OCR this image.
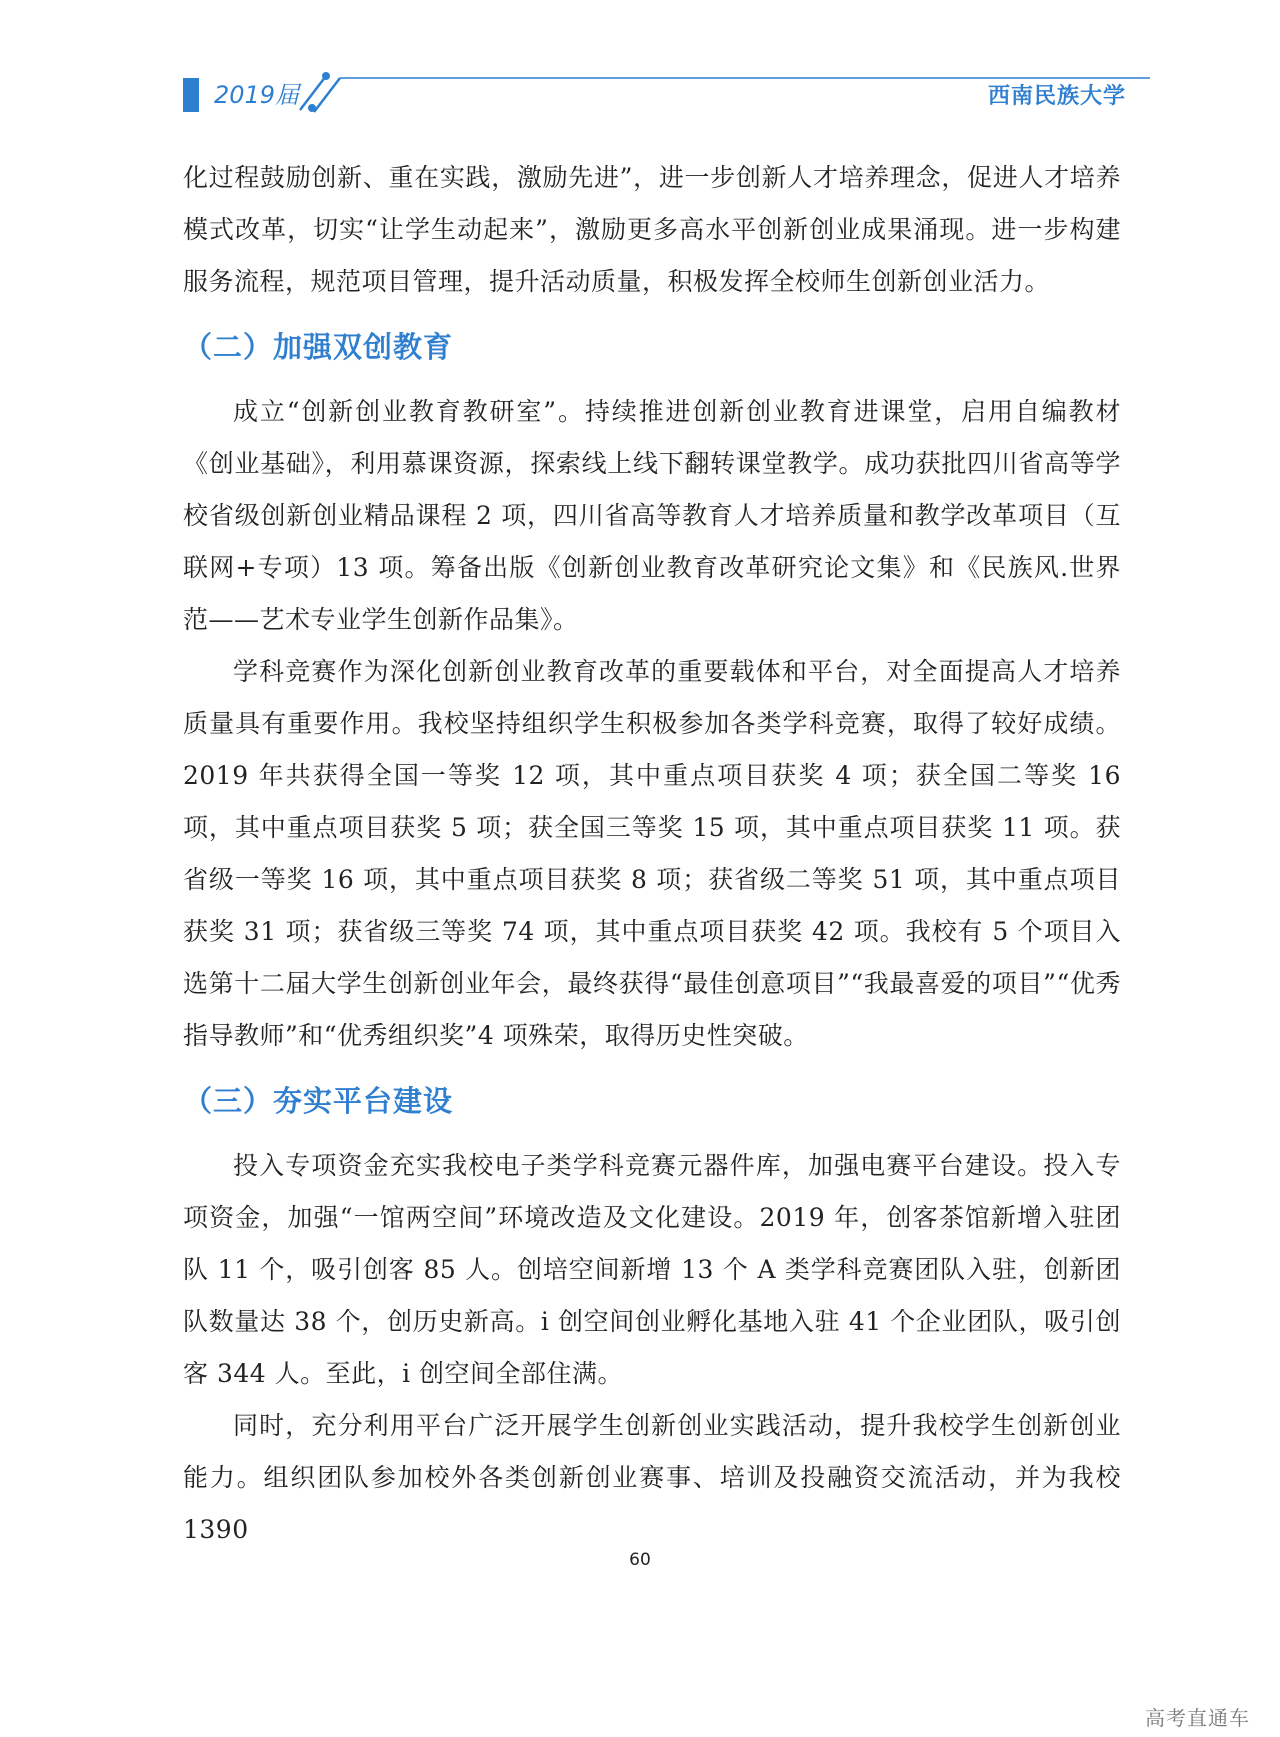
2019届	西南民族大学

化过程鼓励创新、重在实践，激励先进”，进一步创新人才培养理念，促进人才培养模式改革，切实“让学生动起来”，激励更多高水平创新创业成果涌现。进一步构建服务流程，规范项目管理，提升活动质量，积极发挥全校师生创新创业活力。

（二）加强双创教育

成立“创新创业教育教研室”。持续推进创新创业教育进课堂，启用自编教材《创业基础》，利用慕课资源，探索线上线下翻转课堂教学。成功获批四川省高等学校省级创新创业精品课程 2 项，四川省高等教育人才培养质量和教学改革项目（互联网+专项）13 项。筹备出版《创新创业教育改革研究论文集》和《民族风.世界范——艺术专业学生创新作品集》。

学科竞赛作为深化创新创业教育改革的重要载体和平台，对全面提高人才培养质量具有重要作用。我校坚持组织学生积极参加各类学科竞赛，取得了较好成绩。2019 年共获得全国一等奖 12 项，其中重点项目获奖 4 项；获全国二等奖 16 项，其中重点项目获奖 5 项；获全国三等奖 15 项，其中重点项目获奖 11 项。获省级一等奖 16 项，其中重点项目获奖 8 项；获省级二等奖 51 项，其中重点项目获奖 31 项；获省级三等奖 74 项，其中重点项目获奖 42 项。我校有 5 个项目入选第十二届大学生创新创业年会，最终获得“最佳创意项目”“我最喜爱的项目”“优秀指导教师”和“优秀组织奖”4 项殊荣，取得历史性突破。

（三）夯实平台建设

投入专项资金充实我校电子类学科竞赛元器件库，加强电赛平台建设。投入专项资金，加强“一馆两空间”环境改造及文化建设。2019 年，创客茶馆新增入驻团队 11 个，吸引创客 85 人。创培空间新增 13 个 A 类学科竞赛团队入驻，创新团队数量达 38 个，创历史新高。i 创空间创业孵化基地入驻 41 个企业团队，吸引创客 344 人。至此，i 创空间全部住满。

同时，充分利用平台广泛开展学生创新创业实践活动，提升我校学生创新创业能力。组织团队参加校外各类创新创业赛事、培训及投融资交流活动，并为我校 1390

60
高考直通车
